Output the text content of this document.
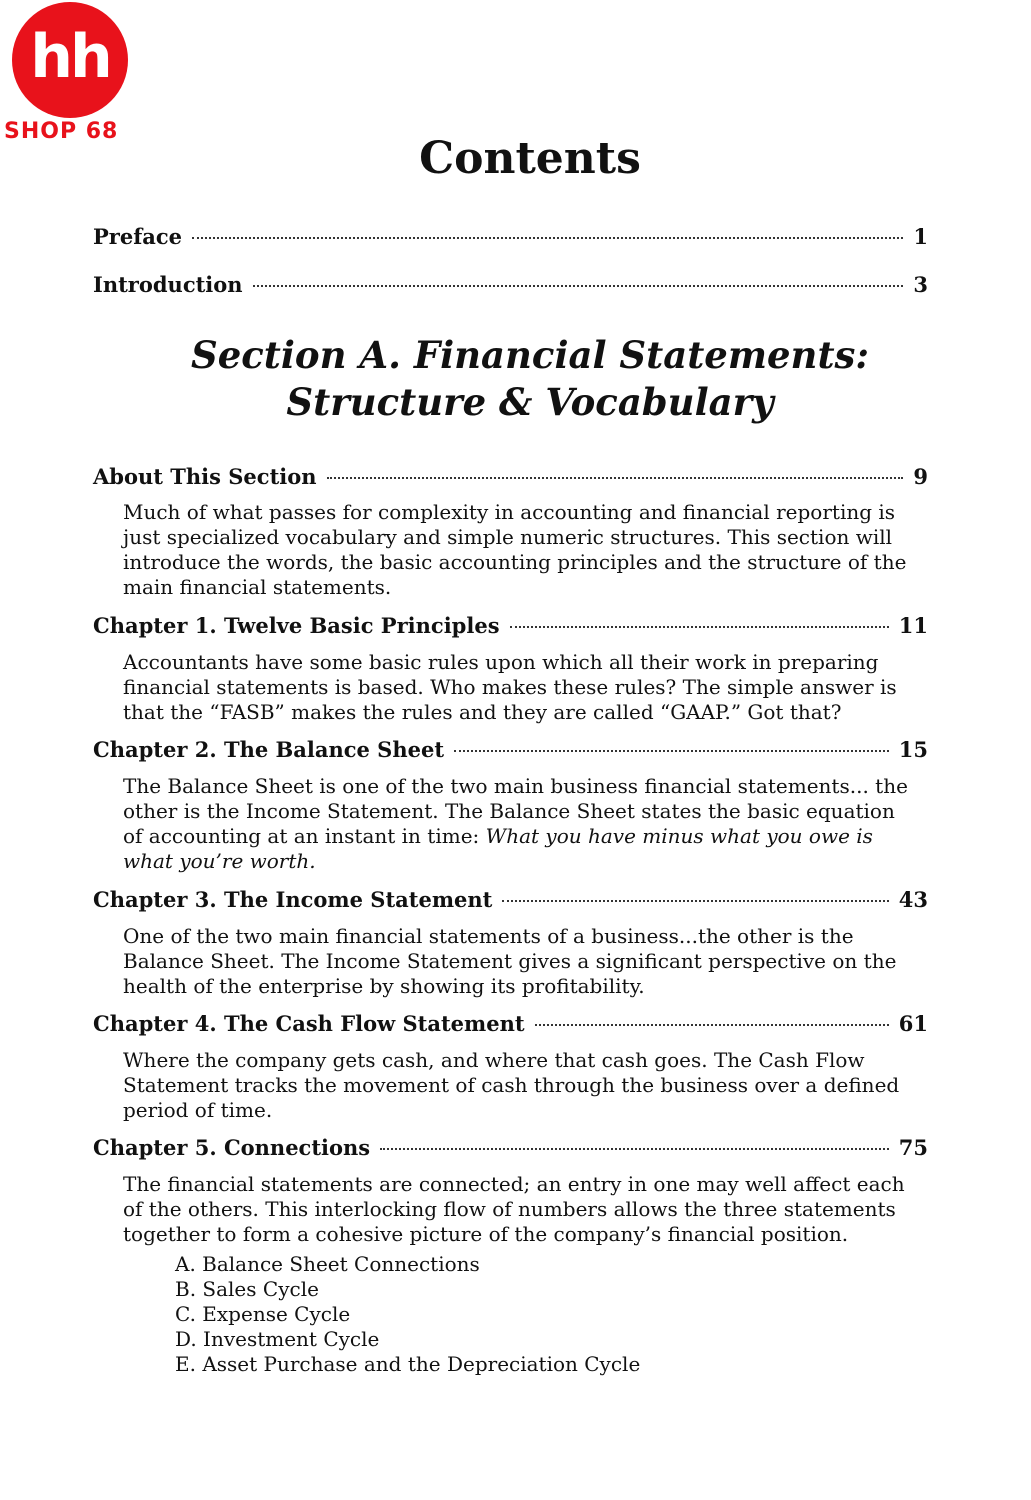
hh
SHOP 68
Contents
Preface	1
Introduction	3
Section A. Financial Statements:
Structure & Vocabulary
About This Section	9

Much of what passes for complexity in accounting and financial reporting is just specialized vocabulary and simple numeric structures. This section will introduce the words, the basic accounting principles and the structure of the main financial statements.

Chapter 1. Twelve Basic Principles	11

Accountants have some basic rules upon which all their work in preparing financial statements is based. Who makes these rules? The simple answer is that the “FASB” makes the rules and they are called “GAAP.” Got that?

Chapter 2. The Balance Sheet	15

The Balance Sheet is one of the two main business financial statements... the other is the Income Statement. The Balance Sheet states the basic equation of accounting at an instant in time: What you have minus what you owe is what you’re worth.

Chapter 3. The Income Statement	43

One of the two main financial statements of a business...the other is the Balance Sheet. The Income Statement gives a significant perspective on the health of the enterprise by showing its profitability.

Chapter 4. The Cash Flow Statement	61

Where the company gets cash, and where that cash goes. The Cash Flow Statement tracks the movement of cash through the business over a defined period of time.

Chapter 5. Connections	75

The financial statements are connected; an entry in one may well affect each of the others. This interlocking flow of numbers allows the three statements together to form a cohesive picture of the company’s financial position.

A. Balance Sheet Connections
B. Sales Cycle
C. Expense Cycle
D. Investment Cycle
E. Asset Purchase and the Depreciation Cycle
